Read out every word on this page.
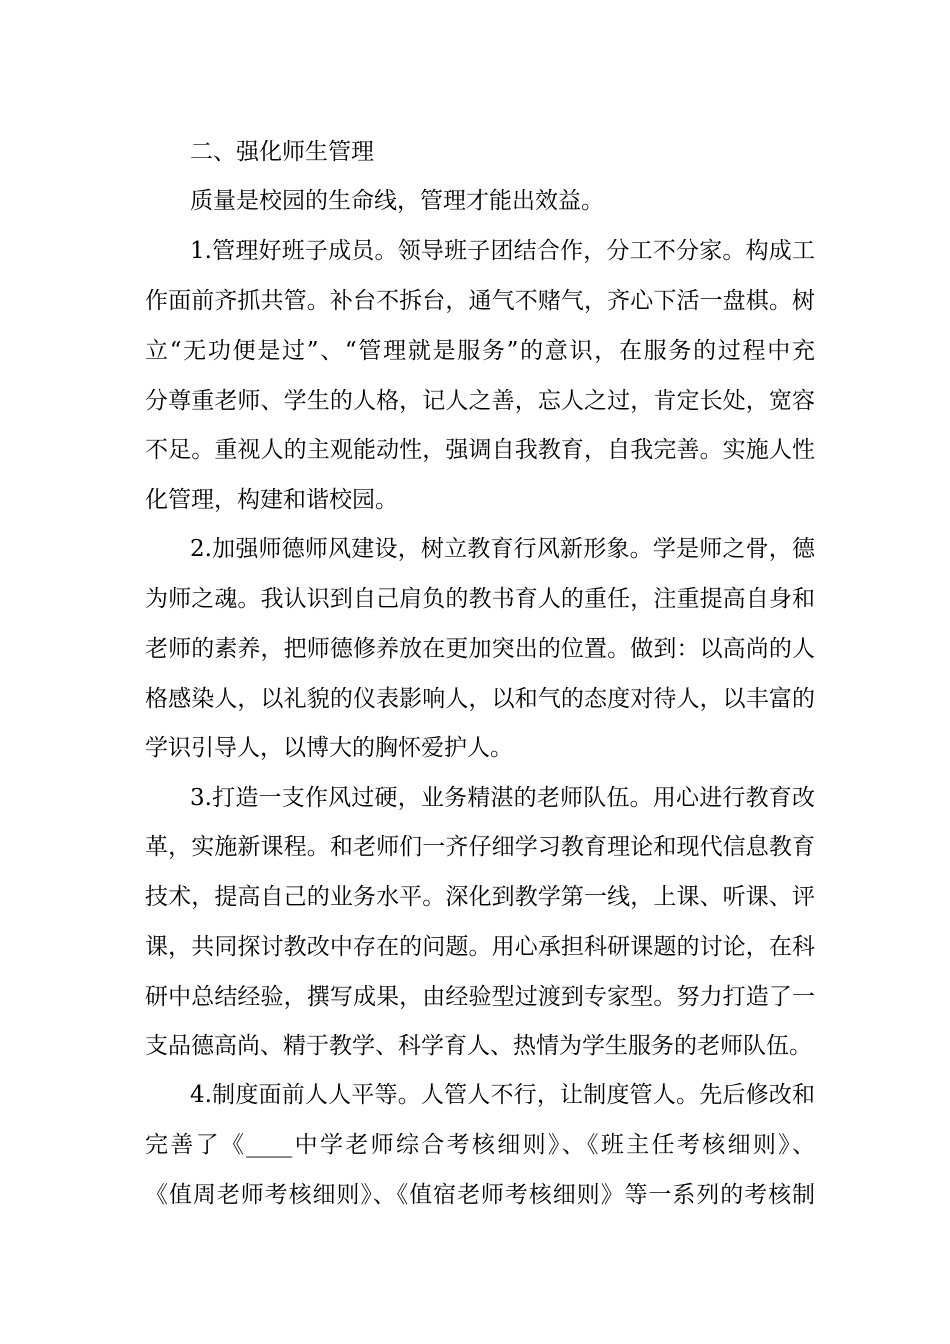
二、强化师生管理
质量是校园的生命线，管理才能出效益。
1.管理好班子成员。领导班子团结合作，分工不分家。构成工
作面前齐抓共管。补台不拆台，通气不赌气，齐心下活一盘棋。树
立“无功便是过”、“管理就是服务”的意识，在服务的过程中充
分尊重老师、学生的人格，记人之善，忘人之过，肯定长处，宽容
不足。重视人的主观能动性，强调自我教育，自我完善。实施人性
化管理，构建和谐校园。
2.加强师德师风建设，树立教育行风新形象。学是师之骨，德
为师之魂。我认识到自己肩负的教书育人的重任，注重提高自身和
老师的素养，把师德修养放在更加突出的位置。做到：以高尚的人
格感染人，以礼貌的仪表影响人，以和气的态度对待人，以丰富的
学识引导人，以博大的胸怀爱护人。
3.打造一支作风过硬，业务精湛的老师队伍。用心进行教育改
革，实施新课程。和老师们一齐仔细学习教育理论和现代信息教育
技术，提高自己的业务水平。深化到教学第一线，上课、听课、评
课，共同探讨教改中存在的问题。用心承担科研课题的讨论，在科
研中总结经验，撰写成果，由经验型过渡到专家型。努力打造了一
支品德高尚、精于教学、科学育人、热情为学生服务的老师队伍。
4.制度面前人人平等。人管人不行，让制度管人。先后修改和
完善了《____中学老师综合考核细则》、《班主任考核细则》、
《值周老师考核细则》、《值宿老师考核细则》等一系列的考核制
